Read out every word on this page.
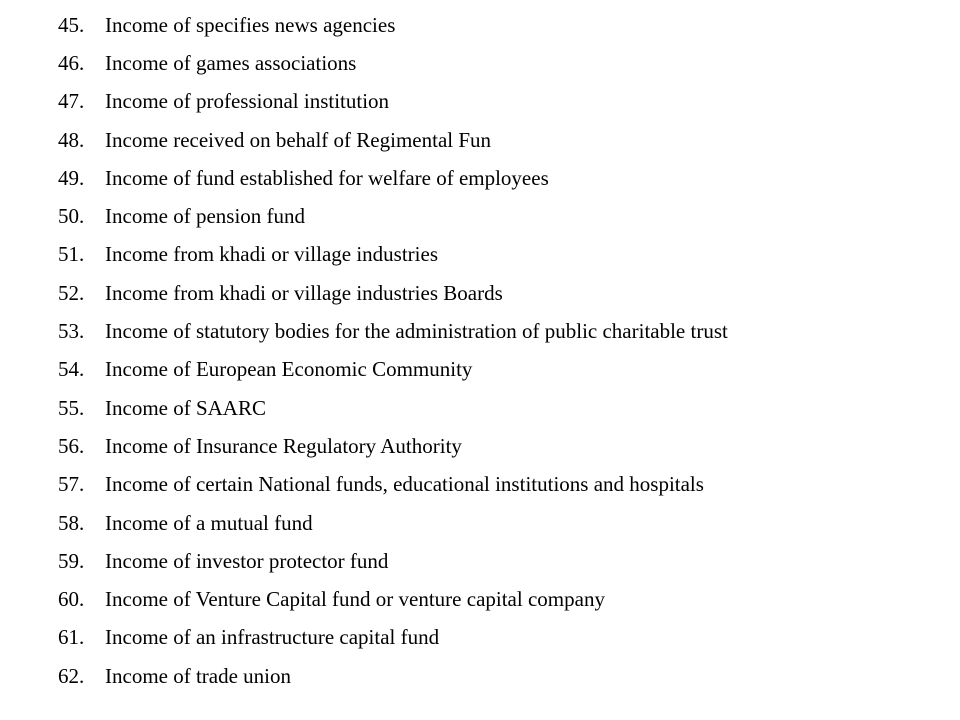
45. Income of specifies news agencies
46. Income of games associations
47. Income of professional institution
48. Income received on behalf of Regimental Fun
49. Income of fund established for welfare of employees
50. Income of pension fund
51. Income from khadi or village industries
52. Income from khadi or village industries Boards
53. Income of statutory bodies for the administration of public charitable trust
54. Income of European Economic Community
55. Income of SAARC
56. Income of Insurance Regulatory Authority
57. Income of certain National funds, educational institutions and hospitals
58. Income of a mutual fund
59. Income of investor protector fund
60. Income of Venture Capital fund or venture capital company
61. Income of an infrastructure capital fund
62. Income of trade union
